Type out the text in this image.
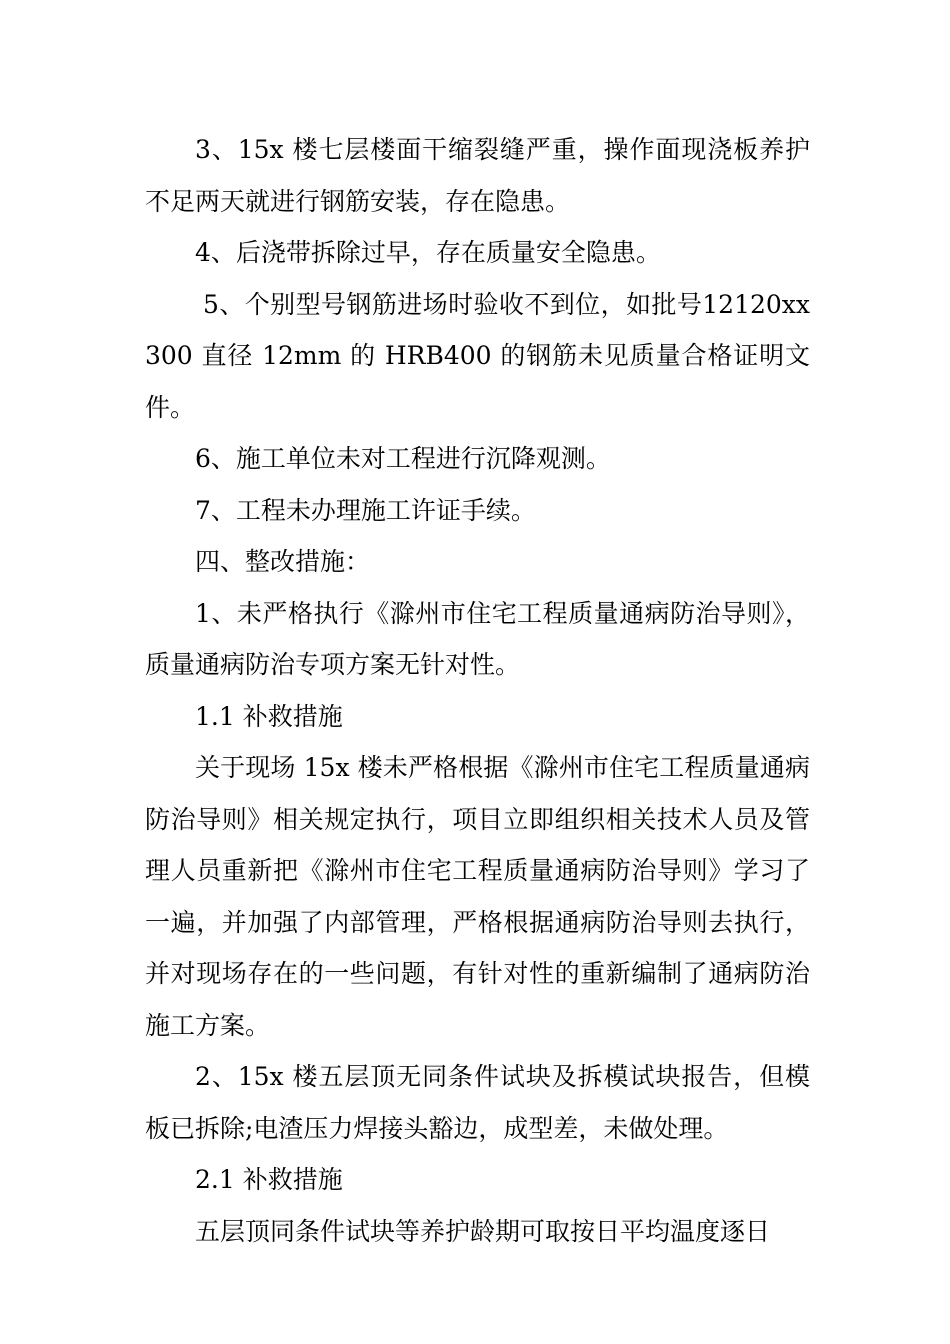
3、15x 楼七层楼面干缩裂缝严重，操作面现浇板养护不足两天就进行钢筋安装，存在隐患。

4、后浇带拆除过早，存在质量安全隐患。

5、个别型号钢筋进场时验收不到位，如批号12120xx300 直径 12mm 的 HRB400 的钢筋未见质量合格证明文件。

6、施工单位未对工程进行沉降观测。

7、工程未办理施工许证手续。

四、整改措施：

1、未严格执行《滁州市住宅工程质量通病防治导则》，质量通病防治专项方案无针对性。

1.1 补救措施

关于现场 15x 楼未严格根据《滁州市住宅工程质量通病防治导则》相关规定执行，项目立即组织相关技术人员及管理人员重新把《滁州市住宅工程质量通病防治导则》学习了一遍，并加强了内部管理，严格根据通病防治导则去执行，并对现场存在的一些问题，有针对性的重新编制了通病防治施工方案。

2、15x 楼五层顶无同条件试块及拆模试块报告，但模板已拆除;电渣压力焊接头豁边，成型差，未做处理。

2.1 补救措施

五层顶同条件试块等养护龄期可取按日平均温度逐日
